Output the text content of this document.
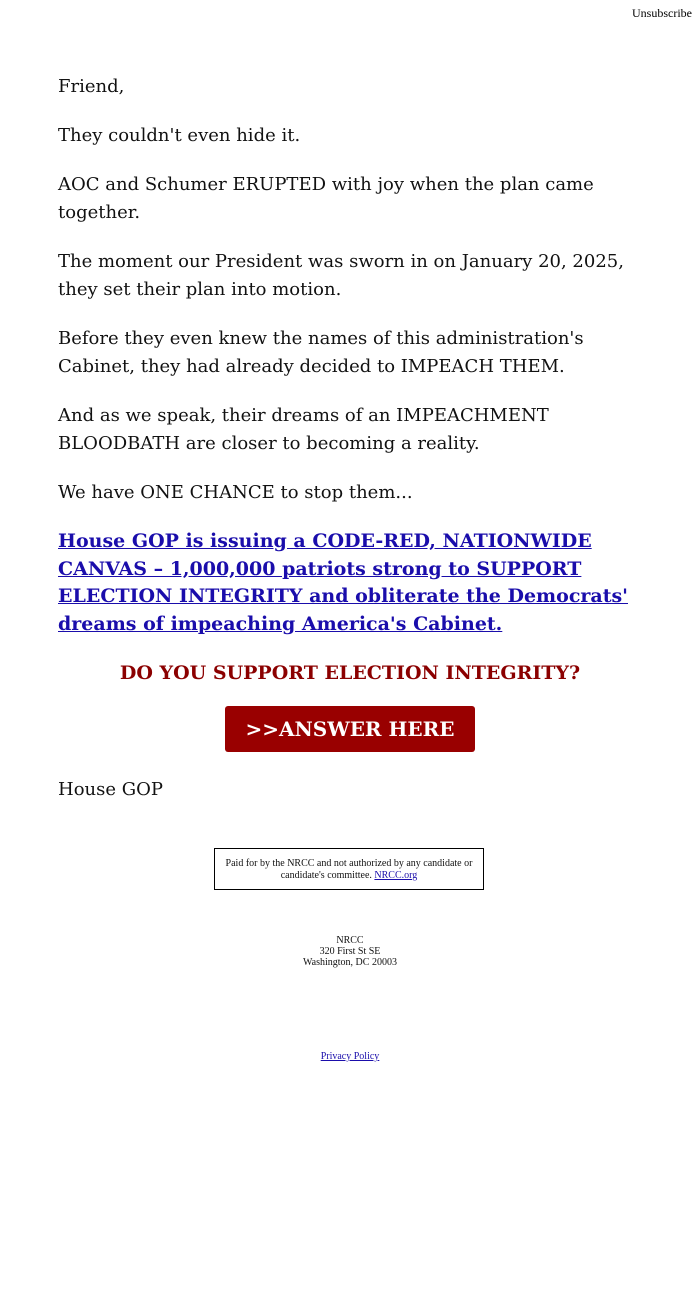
Unsubscribe

Friend,

They couldn't even hide it.

AOC and Schumer ERUPTED with joy when the plan came together.

The moment our President was sworn in on January 20, 2025, they set their plan into motion.

Before they even knew the names of this administration's Cabinet, they had already decided to IMPEACH THEM.

And as we speak, their dreams of an IMPEACHMENT BLOODBATH are closer to becoming a reality.

We have ONE CHANCE to stop them...

House GOP is issuing a CODE-RED, NATIONWIDE CANVAS – 1,000,000 patriots strong to SUPPORT ELECTION INTEGRITY and obliterate the Democrats' dreams of impeaching America's Cabinet.
DO YOU SUPPORT ELECTION INTEGRITY?
>>ANSWER HERE

House GOP

Paid for by the NRCC and not authorized by any candidate or candidate's committee. NRCC.org
NRCC
320 First St SE
Washington, DC 20003
Privacy Policy
